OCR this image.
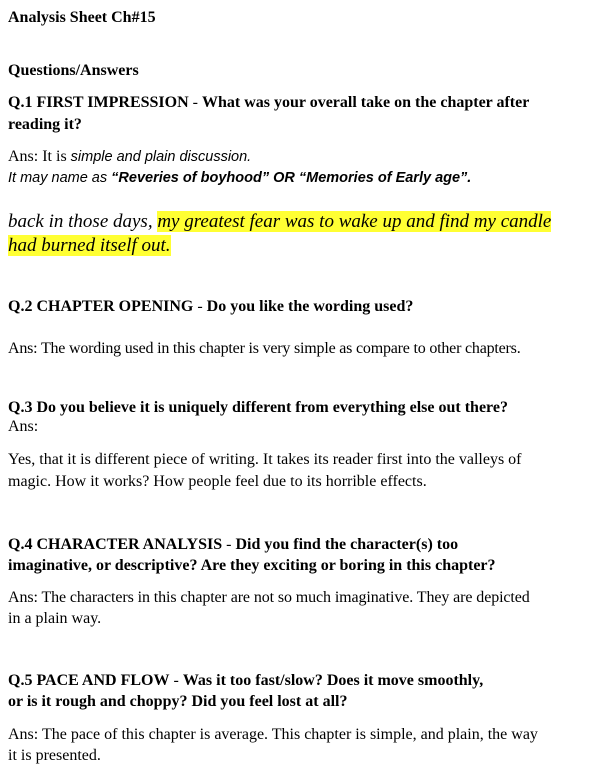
Analysis Sheet Ch#15
Questions/Answers
Q.1 FIRST IMPRESSION - What was your overall take on the chapter after
reading it?
Ans: It is simple and plain discussion.
It may name as “Reveries of boyhood” OR “Memories of Early age”.
back in those days, my greatest fear was to wake up and find my candle
had burned itself out.
Q.2 CHAPTER OPENING - Do you like the wording used?
Ans: The wording used in this chapter is very simple as compare to other chapters.
Q.3 Do you believe it is uniquely different from everything else out there?
Ans:
Yes, that it is different piece of writing. It takes its reader first into the valleys of
magic. How it works? How people feel due to its horrible effects.
Q.4 CHARACTER ANALYSIS - Did you find the character(s) too
imaginative, or descriptive? Are they exciting or boring in this chapter?
Ans: The characters in this chapter are not so much imaginative. They are depicted
in a plain way.
Q.5 PACE AND FLOW - Was it too fast/slow? Does it move smoothly,
or is it rough and choppy? Did you feel lost at all?
Ans: The pace of this chapter is average. This chapter is simple, and plain, the way
it is presented.
